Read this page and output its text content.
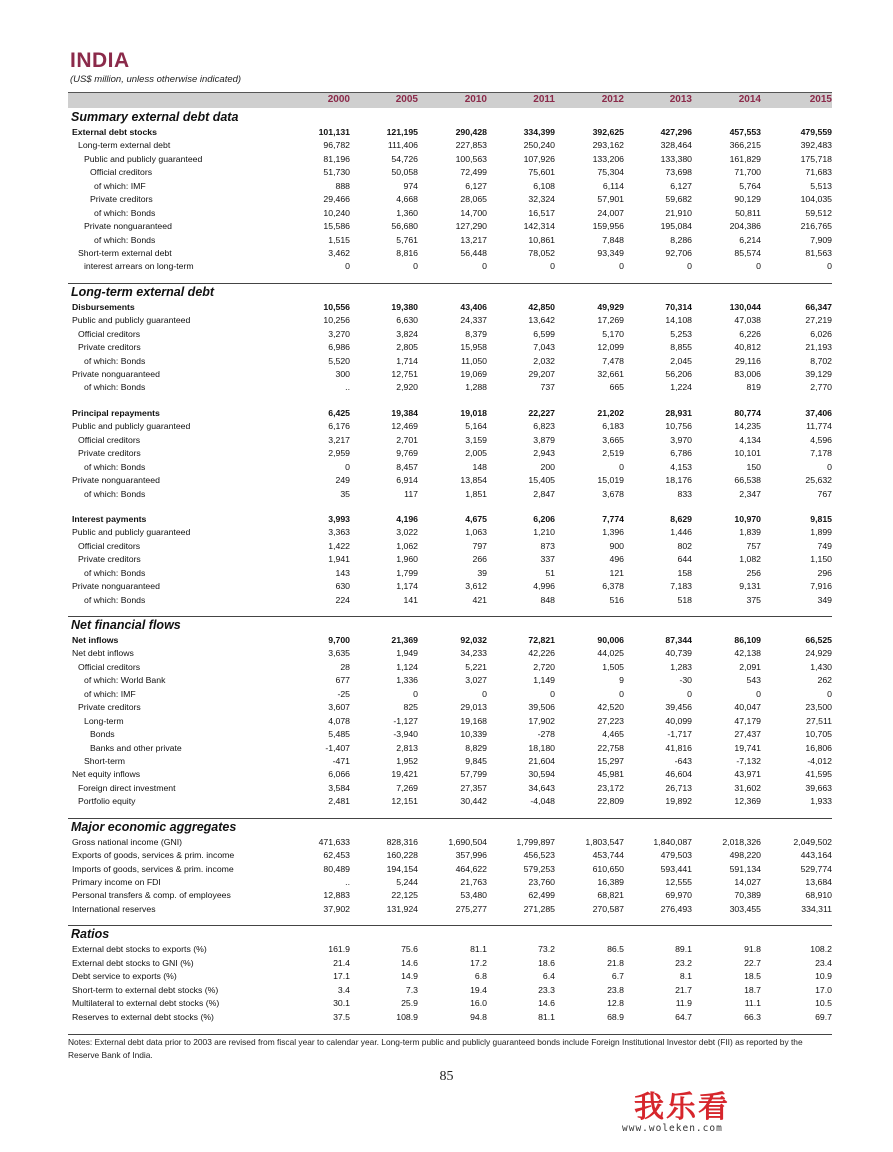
INDIA
(US$ million, unless otherwise indicated)
2000	2005	2010	2011	2012	2013	2014	2015
Summary external debt data
External debt stocks	101,131	121,195	290,428	334,399	392,625	427,296	457,553	479,559
Long-term external debt	96,782	111,406	227,853	250,240	293,162	328,464	366,215	392,483
Public and publicly guaranteed	81,196	54,726	100,563	107,926	133,206	133,380	161,829	175,718
Official creditors	51,730	50,058	72,499	75,601	75,304	73,698	71,700	71,683
of which: IMF	888	974	6,127	6,108	6,114	6,127	5,764	5,513
Private creditors	29,466	4,668	28,065	32,324	57,901	59,682	90,129	104,035
of which: Bonds	10,240	1,360	14,700	16,517	24,007	21,910	50,811	59,512
Private nonguaranteed	15,586	56,680	127,290	142,314	159,956	195,084	204,386	216,765
of which: Bonds	1,515	5,761	13,217	10,861	7,848	8,286	6,214	7,909
Short-term external debt	3,462	8,816	56,448	78,052	93,349	92,706	85,574	81,563
interest arrears on long-term	0	0	0	0	0	0	0	0
Long-term external debt
Disbursements	10,556	19,380	43,406	42,850	49,929	70,314	130,044	66,347
Public and publicly guaranteed	10,256	6,630	24,337	13,642	17,269	14,108	47,038	27,219
Official creditors	3,270	3,824	8,379	6,599	5,170	5,253	6,226	6,026
Private creditors	6,986	2,805	15,958	7,043	12,099	8,855	40,812	21,193
of which: Bonds	5,520	1,714	11,050	2,032	7,478	2,045	29,116	8,702
Private nonguaranteed	300	12,751	19,069	29,207	32,661	56,206	83,006	39,129
of which: Bonds	..	2,920	1,288	737	665	1,224	819	2,770
Principal repayments	6,425	19,384	19,018	22,227	21,202	28,931	80,774	37,406
Public and publicly guaranteed	6,176	12,469	5,164	6,823	6,183	10,756	14,235	11,774
Official creditors	3,217	2,701	3,159	3,879	3,665	3,970	4,134	4,596
Private creditors	2,959	9,769	2,005	2,943	2,519	6,786	10,101	7,178
of which: Bonds	0	8,457	148	200	0	4,153	150	0
Private nonguaranteed	249	6,914	13,854	15,405	15,019	18,176	66,538	25,632
of which: Bonds	35	117	1,851	2,847	3,678	833	2,347	767
Interest payments	3,993	4,196	4,675	6,206	7,774	8,629	10,970	9,815
Public and publicly guaranteed	3,363	3,022	1,063	1,210	1,396	1,446	1,839	1,899
Official creditors	1,422	1,062	797	873	900	802	757	749
Private creditors	1,941	1,960	266	337	496	644	1,082	1,150
of which: Bonds	143	1,799	39	51	121	158	256	296
Private nonguaranteed	630	1,174	3,612	4,996	6,378	7,183	9,131	7,916
of which: Bonds	224	141	421	848	516	518	375	349
Net financial flows
Net inflows	9,700	21,369	92,032	72,821	90,006	87,344	86,109	66,525
Net debt inflows	3,635	1,949	34,233	42,226	44,025	40,739	42,138	24,929
Official creditors	28	1,124	5,221	2,720	1,505	1,283	2,091	1,430
of which: World Bank	677	1,336	3,027	1,149	9	-30	543	262
of which: IMF	-25	0	0	0	0	0	0	0
Private creditors	3,607	825	29,013	39,506	42,520	39,456	40,047	23,500
Long-term	4,078	-1,127	19,168	17,902	27,223	40,099	47,179	27,511
Bonds	5,485	-3,940	10,339	-278	4,465	-1,717	27,437	10,705
Banks and other private	-1,407	2,813	8,829	18,180	22,758	41,816	19,741	16,806
Short-term	-471	1,952	9,845	21,604	15,297	-643	-7,132	-4,012
Net equity inflows	6,066	19,421	57,799	30,594	45,981	46,604	43,971	41,595
Foreign direct investment	3,584	7,269	27,357	34,643	23,172	26,713	31,602	39,663
Portfolio equity	2,481	12,151	30,442	-4,048	22,809	19,892	12,369	1,933
Major economic aggregates
Gross national income (GNI)	471,633	828,316	1,690,504	1,799,897	1,803,547	1,840,087	2,018,326	2,049,502
Exports of goods, services & prim. income	62,453	160,228	357,996	456,523	453,744	479,503	498,220	443,164
Imports of goods, services & prim. income	80,489	194,154	464,622	579,253	610,650	593,441	591,134	529,774
Primary income on FDI	..	5,244	21,763	23,760	16,389	12,555	14,027	13,684
Personal transfers & comp. of employees	12,883	22,125	53,480	62,499	68,821	69,970	70,389	68,910
International reserves	37,902	131,924	275,277	271,285	270,587	276,493	303,455	334,311
Ratios
External debt stocks to exports (%)	161.9	75.6	81.1	73.2	86.5	89.1	91.8	108.2
External debt stocks to GNI (%)	21.4	14.6	17.2	18.6	21.8	23.2	22.7	23.4
Debt service to exports (%)	17.1	14.9	6.8	6.4	6.7	8.1	18.5	10.9
Short-term to external debt stocks (%)	3.4	7.3	19.4	23.3	23.8	21.7	18.7	17.0
Multilateral to external debt stocks (%)	30.1	25.9	16.0	14.6	12.8	11.9	11.1	10.5
Reserves to external debt stocks (%)	37.5	108.9	94.8	81.1	68.9	64.7	66.3	69.7
Notes: External debt data prior to 2003 are revised from fiscal year to calendar year. Long-term public and publicly guaranteed bonds include Foreign Institutional Investor debt (FII) as reported by the Reserve Bank of India.
85
我乐看
www.woleken.com
